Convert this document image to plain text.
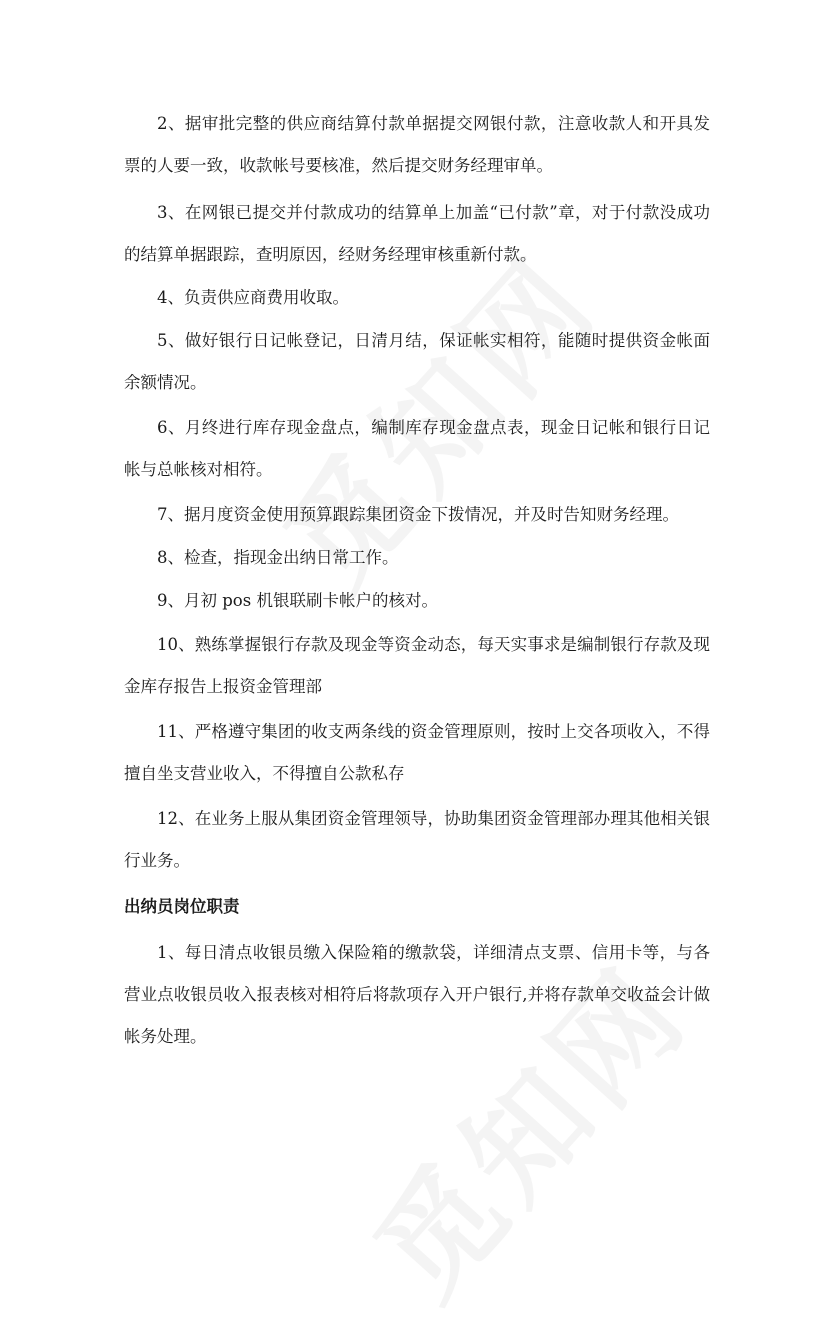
2、据审批完整的供应商结算付款单据提交网银付款，注意收款人和开具发票的人要一致，收款帐号要核准，然后提交财务经理审单。

3、在网银已提交并付款成功的结算单上加盖“已付款”章，对于付款没成功的结算单据跟踪，查明原因，经财务经理审核重新付款。

4、负责供应商费用收取。

5、做好银行日记帐登记，日清月结，保证帐实相符，能随时提供资金帐面余额情况。

6、月终进行库存现金盘点，编制库存现金盘点表，现金日记帐和银行日记帐与总帐核对相符。

7、据月度资金使用预算跟踪集团资金下拨情况，并及时告知财务经理。

8、检查，指现金出纳日常工作。

9、月初 pos 机银联刷卡帐户的核对。

10、熟练掌握银行存款及现金等资金动态，每天实事求是编制银行存款及现金库存报告上报资金管理部

11、严格遵守集团的收支两条线的资金管理原则，按时上交各项收入，不得擅自坐支营业收入，不得擅自公款私存

12、在业务上服从集团资金管理领导，协助集团资金管理部办理其他相关银行业务。

出纳员岗位职责

1、每日清点收银员缴入保险箱的缴款袋，详细清点支票、信用卡等，与各营业点收银员收入报表核对相符后将款项存入开户银行,并将存款单交收益会计做帐务处理。
